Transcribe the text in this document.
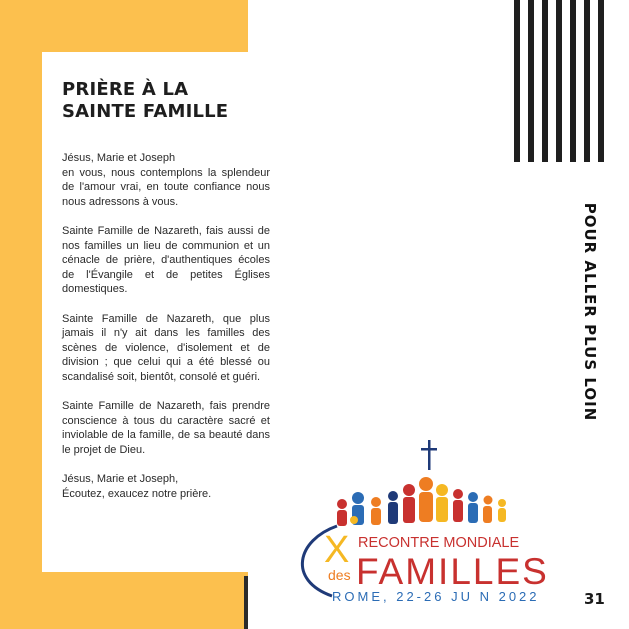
PRIÈRE À LA
SAINTE FAMILLE

Jésus, Marie et Joseph
en vous, nous contemplons la splendeur de l'amour vrai, en toute confiance nous nous adressons à vous.

Sainte Famille de Nazareth, fais aussi de nos familles un lieu de communion et un cénacle de prière, d'authentiques écoles de l'Évangile et de petites Églises domestiques.

Sainte Famille de Nazareth, que plus jamais il n'y ait dans les familles des scènes de violence, d'isolement et de division ; que celui qui a été blessé ou scandalisé soit, bientôt, consolé et guéri.

Sainte Famille de Nazareth, fais prendre conscience à tous du caractère sacré et inviolable de la famille, de sa beauté dans le projet de Dieu.

Jésus, Marie et Joseph,
Écoutez, exaucez notre prière.

POUR ALLER PLUS LOIN
X RECONTRE MONDIALE
des FAMILLES
ROME, 22-26 JU N 2022	31
